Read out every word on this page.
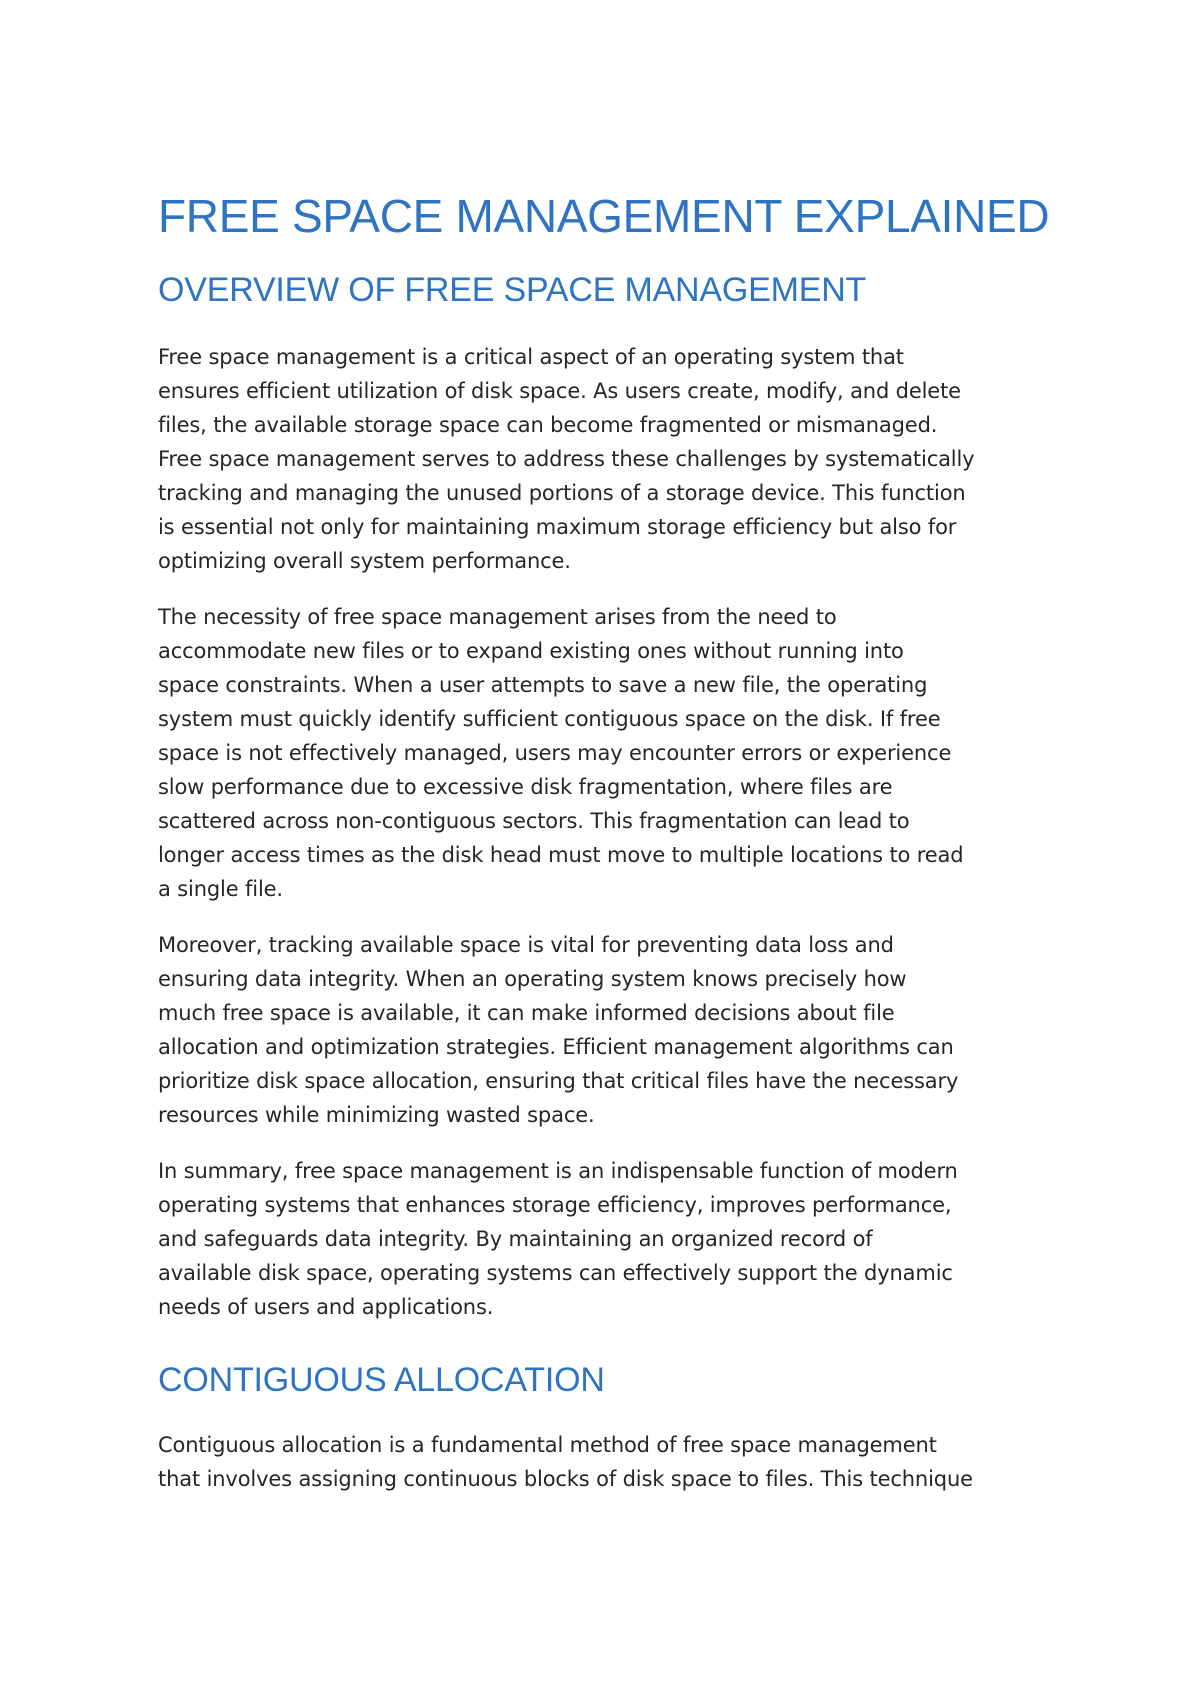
FREE SPACE MANAGEMENT EXPLAINED
OVERVIEW OF FREE SPACE MANAGEMENT

Free space management is a critical aspect of an operating system that
ensures efficient utilization of disk space. As users create, modify, and delete
files, the available storage space can become fragmented or mismanaged.
Free space management serves to address these challenges by systematically
tracking and managing the unused portions of a storage device. This function
is essential not only for maintaining maximum storage efficiency but also for
optimizing overall system performance.

The necessity of free space management arises from the need to
accommodate new files or to expand existing ones without running into
space constraints. When a user attempts to save a new file, the operating
system must quickly identify sufficient contiguous space on the disk. If free
space is not effectively managed, users may encounter errors or experience
slow performance due to excessive disk fragmentation, where files are
scattered across non-contiguous sectors. This fragmentation can lead to
longer access times as the disk head must move to multiple locations to read
a single file.

Moreover, tracking available space is vital for preventing data loss and
ensuring data integrity. When an operating system knows precisely how
much free space is available, it can make informed decisions about file
allocation and optimization strategies. Efficient management algorithms can
prioritize disk space allocation, ensuring that critical files have the necessary
resources while minimizing wasted space.

In summary, free space management is an indispensable function of modern
operating systems that enhances storage efficiency, improves performance,
and safeguards data integrity. By maintaining an organized record of
available disk space, operating systems can effectively support the dynamic
needs of users and applications.

CONTIGUOUS ALLOCATION

Contiguous allocation is a fundamental method of free space management
that involves assigning continuous blocks of disk space to files. This technique
